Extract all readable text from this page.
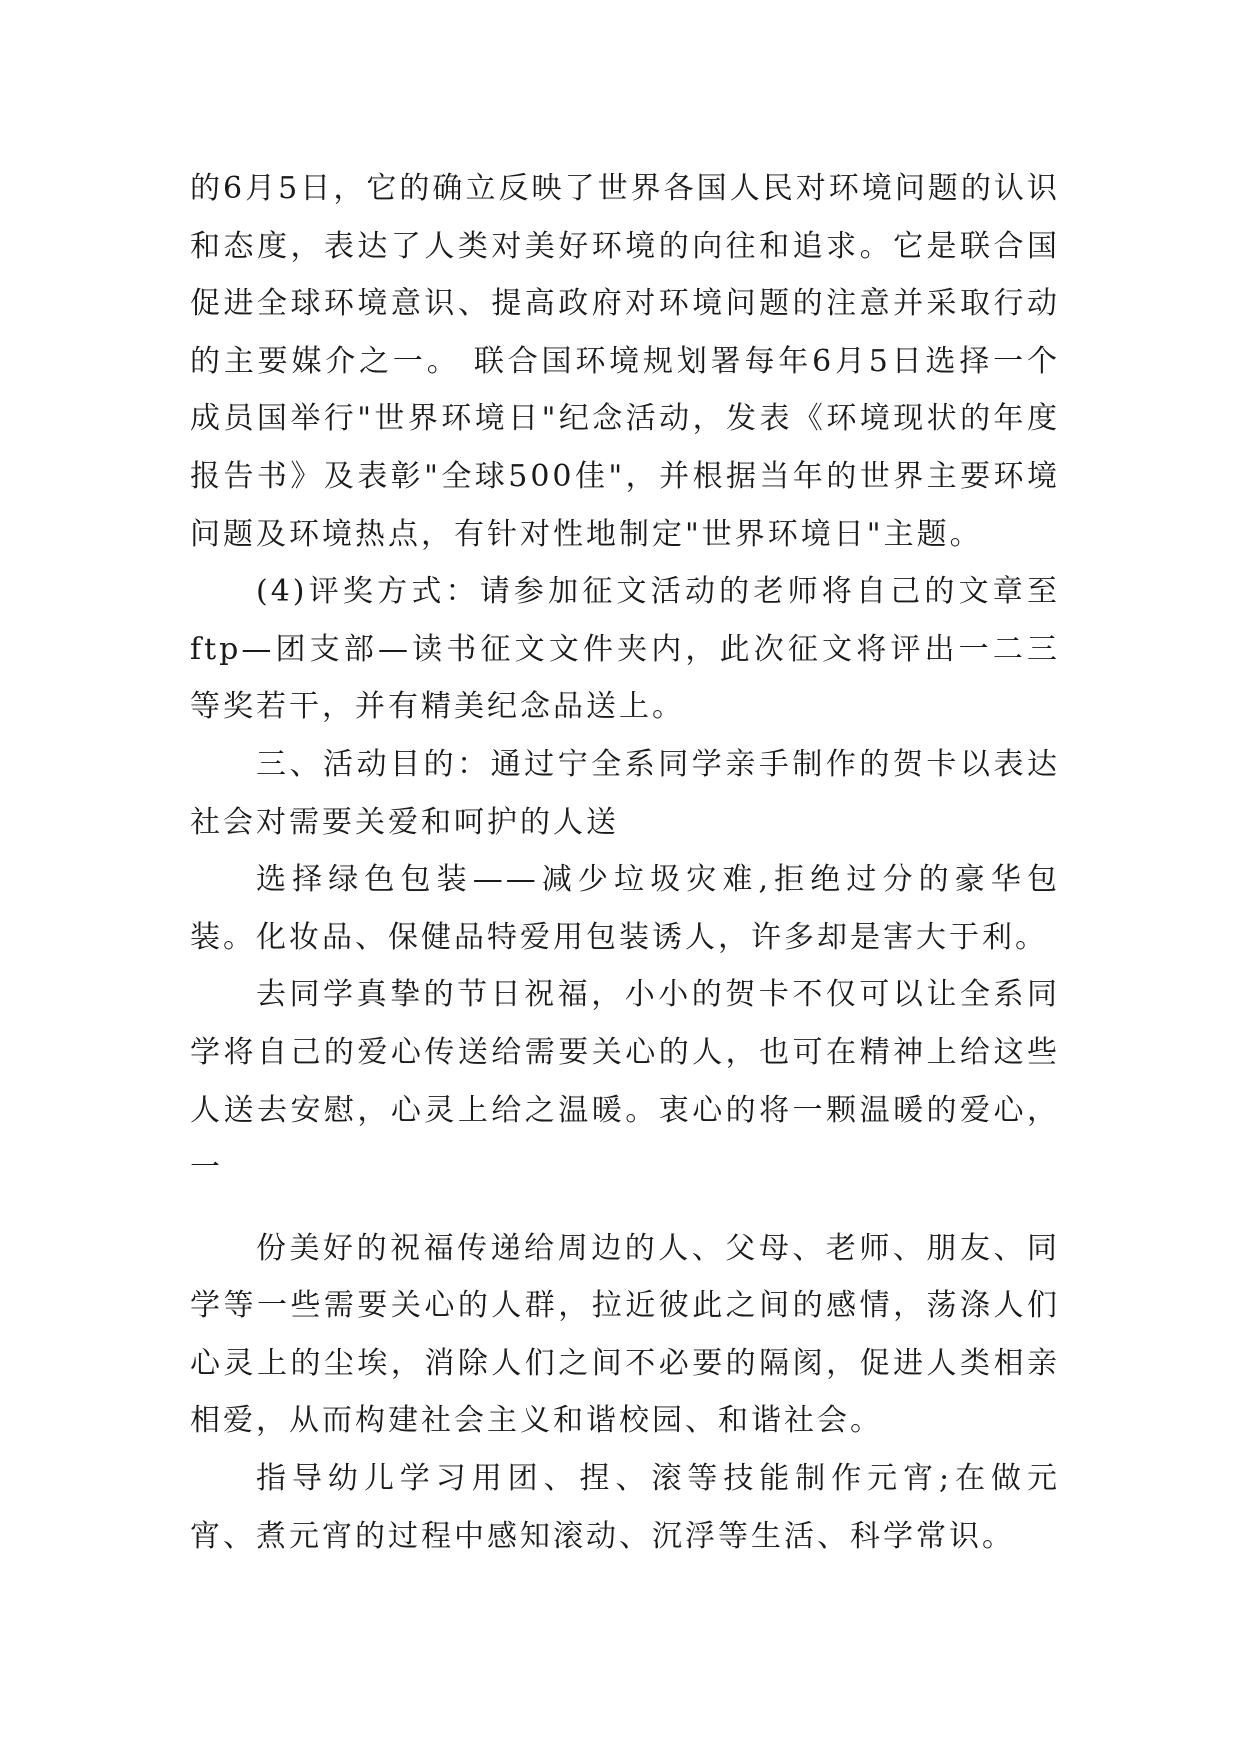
的6月5日，它的确立反映了世界各国人民对环境问题的认识和态度，表达了人类对美好环境的向往和追求。它是联合国促进全球环境意识、提高政府对环境问题的注意并采取行动的主要媒介之一。 联合国环境规划署每年6月5日选择一个成员国举行"世界环境日"纪念活动，发表《环境现状的年度报告书》及表彰"全球500佳"，并根据当年的世界主要环境问题及环境热点，有针对性地制定"世界环境日"主题。

(4)评奖方式：请参加征文活动的老师将自己的文章至ftp—团支部—读书征文文件夹内，此次征文将评出一二三等奖若干，并有精美纪念品送上。

三、活动目的：通过宁全系同学亲手制作的贺卡以表达社会对需要关爱和呵护的人送

选择绿色包装——减少垃圾灾难,拒绝过分的豪华包装。化妆品、保健品特爱用包装诱人，许多却是害大于利。

去同学真挚的节日祝福，小小的贺卡不仅可以让全系同学将自己的爱心传送给需要关心的人，也可在精神上给这些人送去安慰，心灵上给之温暖。衷心的将一颗温暖的爱心，一

份美好的祝福传递给周边的人、父母、老师、朋友、同学等一些需要关心的人群，拉近彼此之间的感情，荡涤人们心灵上的尘埃，消除人们之间不必要的隔阂，促进人类相亲相爱，从而构建社会主义和谐校园、和谐社会。

指导幼儿学习用团、捏、滚等技能制作元宵;在做元宵、煮元宵的过程中感知滚动、沉浮等生活、科学常识。
